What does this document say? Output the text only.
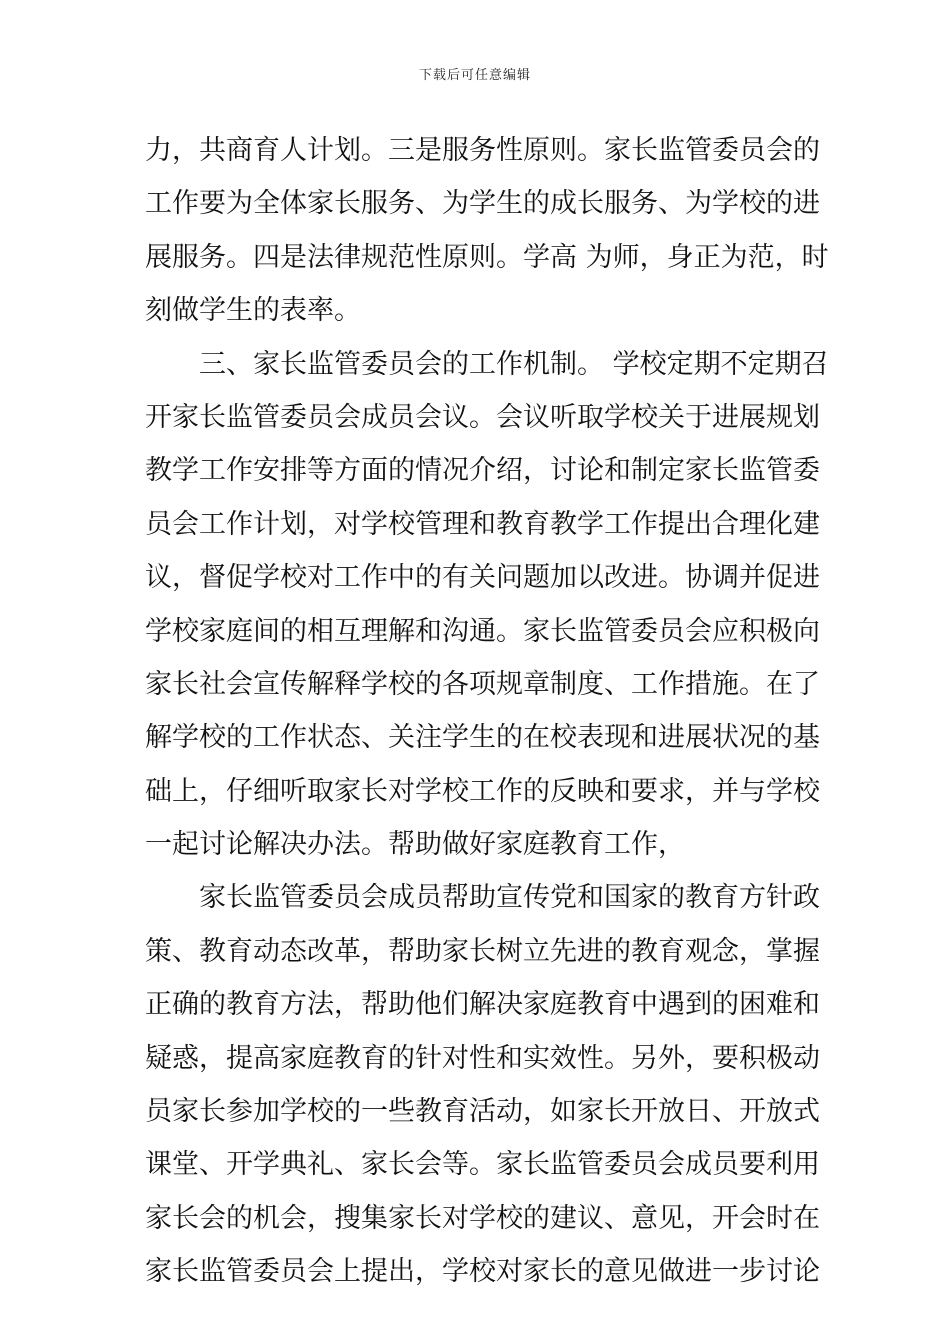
下载后可任意编辑
力，共商育人计划。三是服务性原则。家长监管委员会的
工作要为全体家长服务、为学生的成长服务、为学校的进
展服务。四是法律规范性原则。学高 为师，身正为范，时
刻做学生的表率。
三、家长监管委员会的工作机制。 学校定期不定期召
开家长监管委员会成员会议。会议听取学校关于进展规划
教学工作安排等方面的情况介绍，讨论和制定家长监管委
员会工作计划，对学校管理和教育教学工作提出合理化建
议，督促学校对工作中的有关问题加以改进。协调并促进
学校家庭间的相互理解和沟通。家长监管委员会应积极向
家长社会宣传解释学校的各项规章制度、工作措施。在了
解学校的工作状态、关注学生的在校表现和进展状况的基
础上，仔细听取家长对学校工作的反映和要求，并与学校
一起讨论解决办法。帮助做好家庭教育工作，
家长监管委员会成员帮助宣传党和国家的教育方针政
策、教育动态改革，帮助家长树立先进的教育观念，掌握
正确的教育方法，帮助他们解决家庭教育中遇到的困难和
疑惑，提高家庭教育的针对性和实效性。另外，要积极动
员家长参加学校的一些教育活动，如家长开放日、开放式
课堂、开学典礼、家长会等。家长监管委员会成员要利用
家长会的机会，搜集家长对学校的建议、意见，开会时在
家长监管委员会上提出，学校对家长的意见做进一步讨论
